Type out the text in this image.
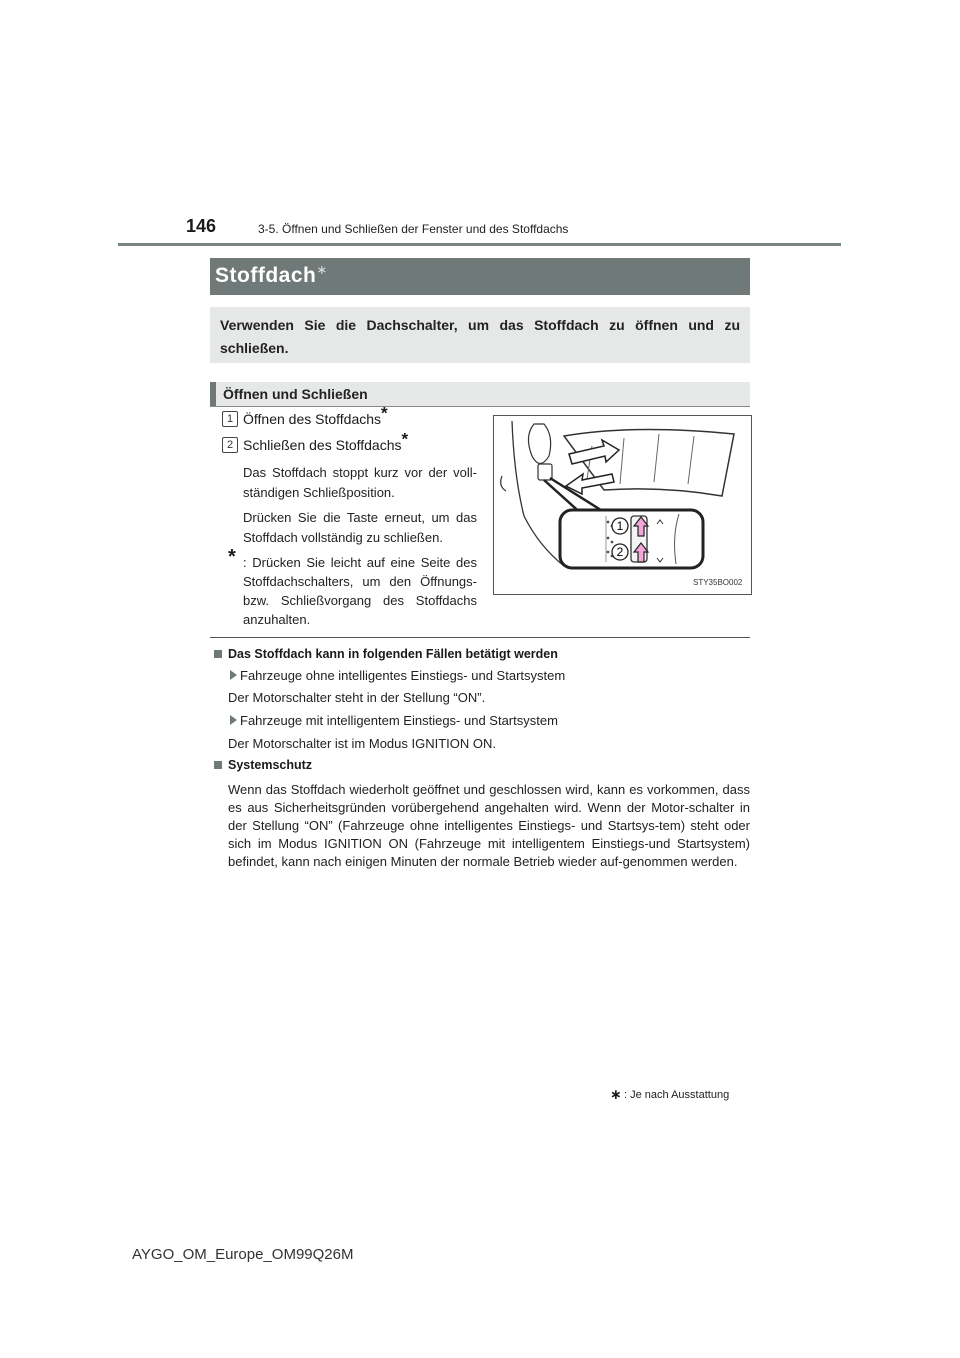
146	3-5. Öffnen und Schließen der Fenster und des Stoffdachs
Stoffdach∗
Verwenden Sie die Dachschalter, um das Stoffdach zu öffnen und zu
schließen.
Öffnen und Schließen
1 Öffnen des Stoffdachs*
2 Schließen des Stoffdachs*
Das Stoffdach stoppt kurz vor der voll-
ständigen Schließposition.
Drücken Sie die Taste erneut, um das
Stoffdach vollständig zu schließen.
* : Drücken Sie leicht auf eine Seite des Stoffdachschalters, um den Öffnungs- bzw. Schließvorgang des Stoffdachs anzuhalten.
1
2
STY35BO002
Das Stoffdach kann in folgenden Fällen betätigt werden
Fahrzeuge ohne intelligentes Einstiegs- und Startsystem
Der Motorschalter steht in der Stellung “ON”.
Fahrzeuge mit intelligentem Einstiegs- und Startsystem
Der Motorschalter ist im Modus IGNITION ON.
Systemschutz
Wenn das Stoffdach wiederholt geöffnet und geschlossen wird, kann es vorkommen, dass es aus Sicherheitsgründen vorübergehend angehalten wird. Wenn der Motor-schalter in der Stellung “ON” (Fahrzeuge ohne intelligentes Einstiegs- und Startsys-tem) steht oder sich im Modus IGNITION ON (Fahrzeuge mit intelligentem Einstiegs-und Startsystem) befindet, kann nach einigen Minuten der normale Betrieb wieder auf-genommen werden.
∗ : Je nach Ausstattung
AYGO_OM_Europe_OM99Q26M
